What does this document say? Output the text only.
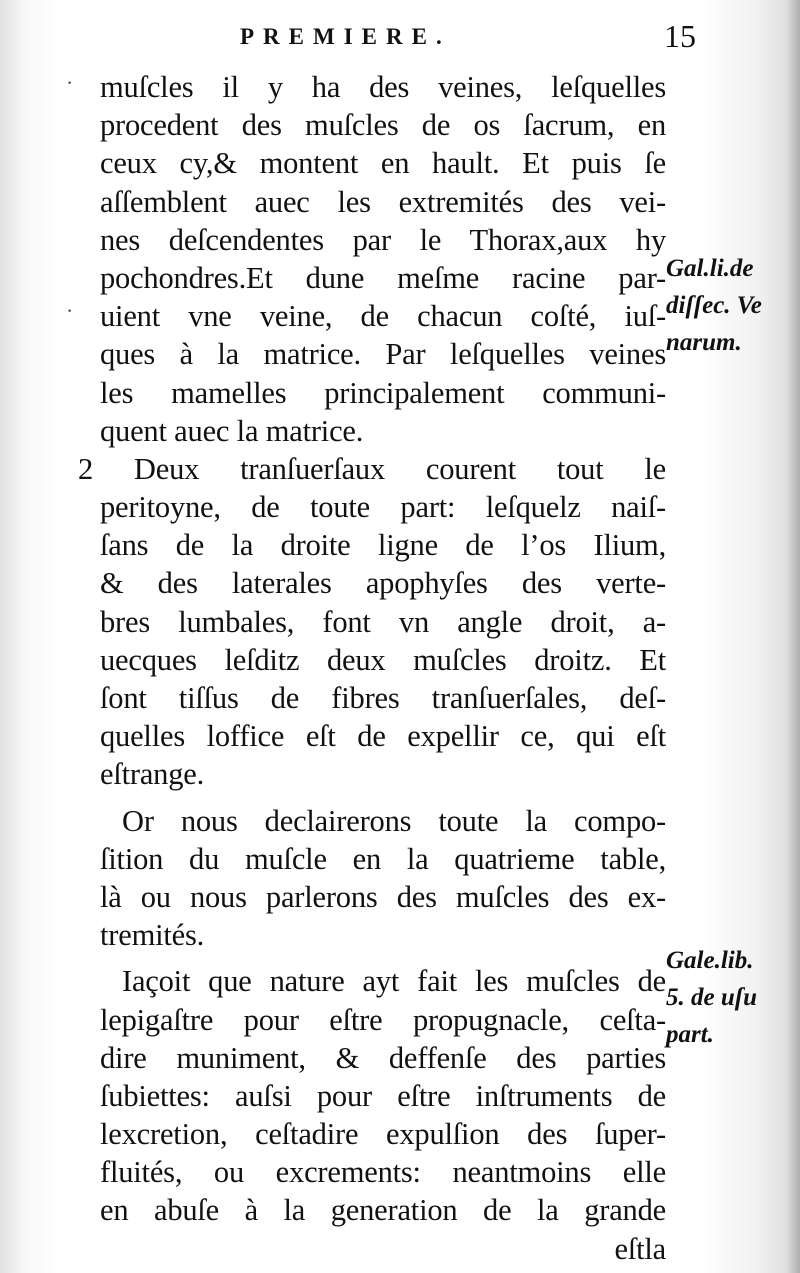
PREMIERE.	15
·
·
muſcles il y ha des veines, leſquelles
procedent des muſcles de os ſacrum, en
ceux cy,& montent en hault. Et puis ſe
aſſemblent auec les extremités des vei-
nes deſcendentes par le Thorax,aux hy
pochondres.Et dune meſme racine par-
uient vne veine, de chacun coſté, iuſ-
ques à la matrice. Par leſquelles veines
les mamelles principalement communi-
quent auec la matrice.
2 Deux tranſuerſaux courent tout le
peritoyne, de toute part: leſquelz naiſ-
ſans de la droite ligne de l’os Ilium,
& des laterales apophyſes des verte-
bres lumbales, font vn angle droit, a-
uecques leſditz deux muſcles droitz. Et
ſont tiſſus de fibres tranſuerſales, deſ-
quelles loffice eſt de expellir ce, qui eſt
eſtrange.
Or nous declairerons toute la compo-
ſition du muſcle en la quatrieme table,
là ou nous parlerons des muſcles des ex-
tremités.
Iaçoit que nature ayt fait les muſcles de
lepigaſtre pour eſtre propugnacle, ceſta-
dire muniment, & deffenſe des parties
ſubiettes: auſsi pour eſtre inſtruments de
lexcretion, ceſtadire expulſion des ſuper-
fluités, ou excrements: neantmoins elle
en abuſe à la generation de la grande
eſtla
Gal.li.de
diſſec. Ve
narum.
Gale.lib.
5. de uſu
part.
